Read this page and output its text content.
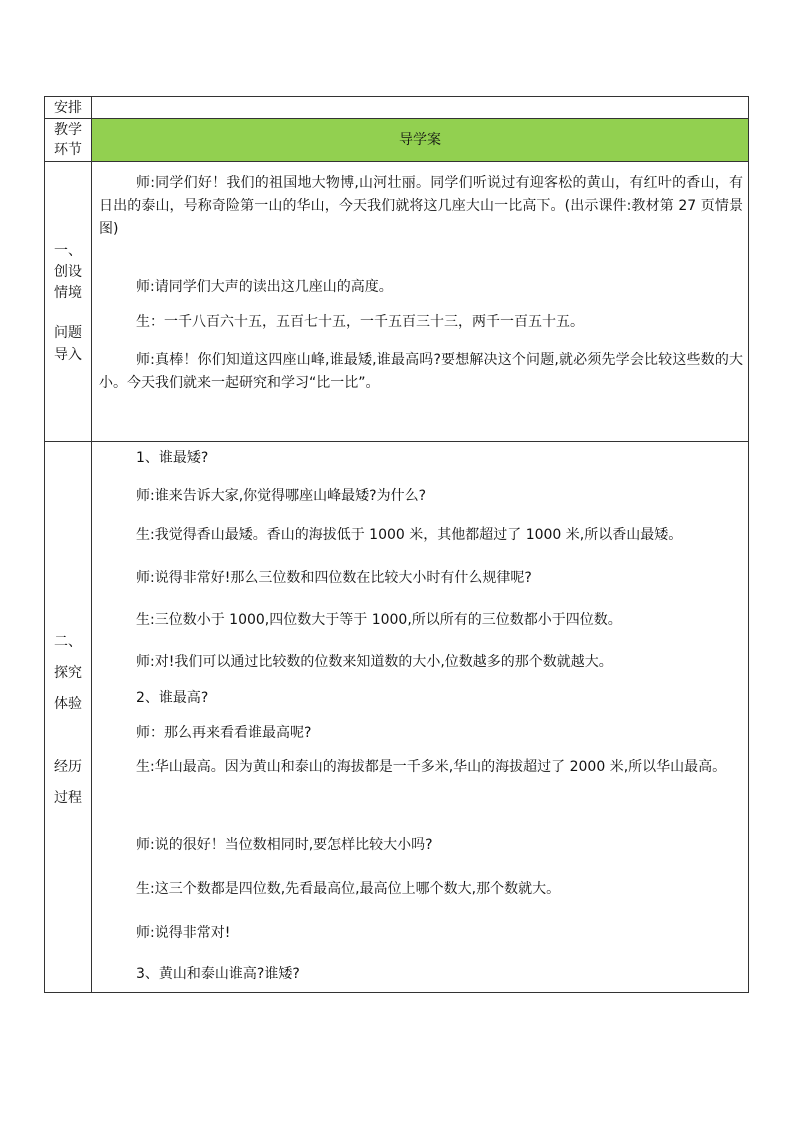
安排
教学
环节
导学案
一、
创设
情境
问题
导入
师:同学们好！我们的祖国地大物博,山河壮丽。同学们听说过有迎客松的黄山，有红叶的香山，有日出的泰山，号称奇险第一山的华山，今天我们就将这几座大山一比高下。(出示课件:教材第 27 页情景图)
师:请同学们大声的读出这几座山的高度。
生：一千八百六十五，五百七十五，一千五百三十三，两千一百五十五。
师:真棒！你们知道这四座山峰,谁最矮,谁最高吗?要想解决这个问题,就必须先学会比较这些数的大小。今天我们就来一起研究和学习“比一比”。
二、
探究
体验
经历
过程
1、谁最矮?
师:谁来告诉大家,你觉得哪座山峰最矮?为什么?
生:我觉得香山最矮。香山的海拔低于 1000 米，其他都超过了 1000 米,所以香山最矮。
师:说得非常好!那么三位数和四位数在比较大小时有什么规律呢?
生:三位数小于 1000,四位数大于等于 1000,所以所有的三位数都小于四位数。
师:对!我们可以通过比较数的位数来知道数的大小,位数越多的那个数就越大。
2、谁最高?
师：那么再来看看谁最高呢?
生:华山最高。因为黄山和泰山的海拔都是一千多米,华山的海拔超过了 2000 米,所以华山最高。
师:说的很好！当位数相同时,要怎样比较大小吗?
生:这三个数都是四位数,先看最高位,最高位上哪个数大,那个数就大。
师:说得非常对!
3、黄山和泰山谁高?谁矮?
